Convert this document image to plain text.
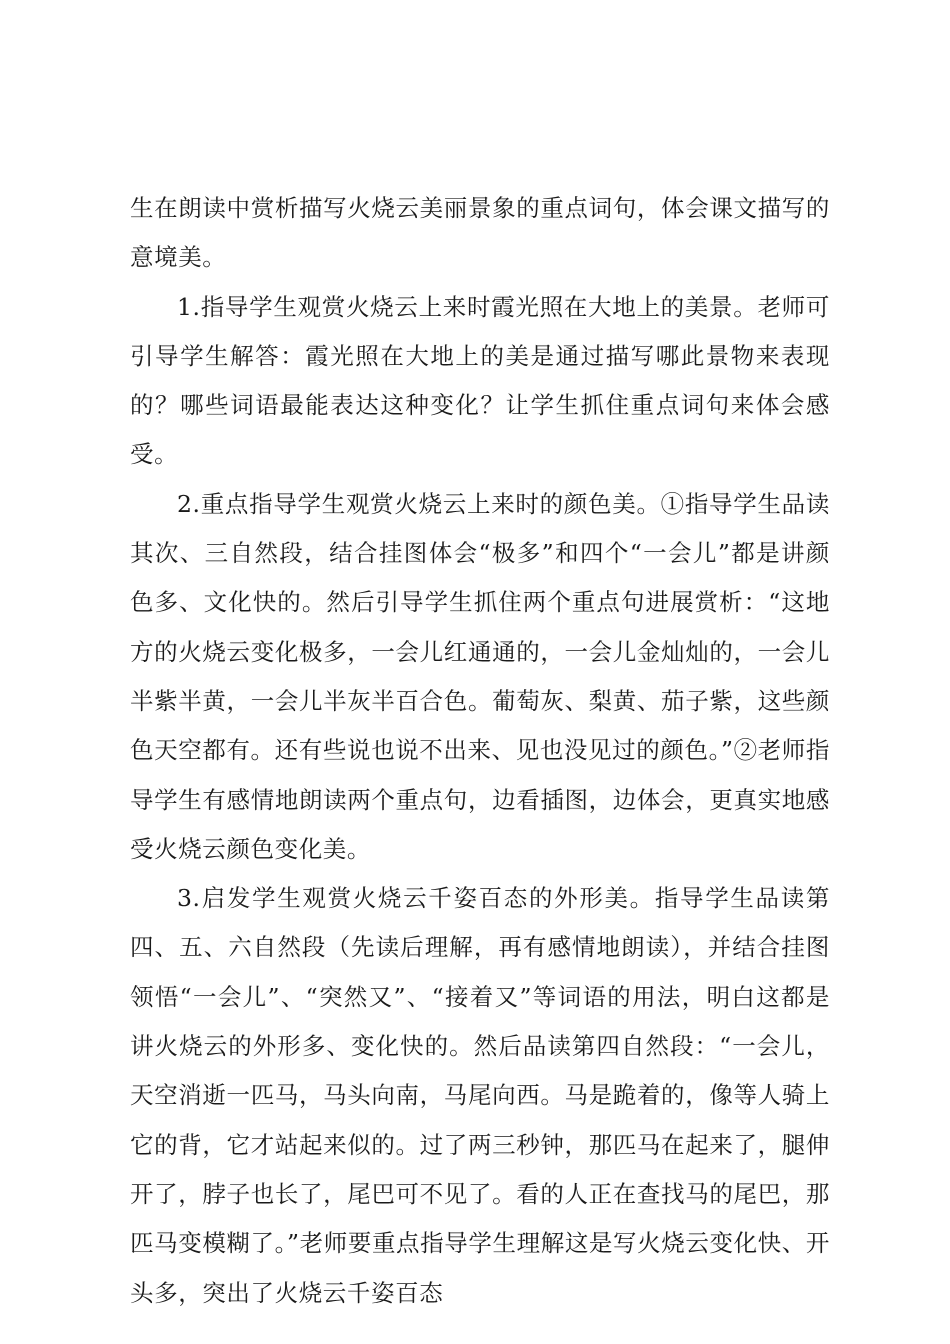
生在朗读中赏析描写火烧云美丽景象的重点词句，体会课文描写的意境美。

1.指导学生观赏火烧云上来时霞光照在大地上的美景。老师可引导学生解答：霞光照在大地上的美是通过描写哪此景物来表现的？哪些词语最能表达这种变化？让学生抓住重点词句来体会感受。

2.重点指导学生观赏火烧云上来时的颜色美。①指导学生品读其次、三自然段，结合挂图体会“极多”和四个“一会儿”都是讲颜色多、文化快的。然后引导学生抓住两个重点句进展赏析：“这地方的火烧云变化极多，一会儿红通通的，一会儿金灿灿的，一会儿半紫半黄，一会儿半灰半百合色。葡萄灰、梨黄、茄子紫，这些颜色天空都有。还有些说也说不出来、见也没见过的颜色。”②老师指导学生有感情地朗读两个重点句，边看插图，边体会，更真实地感受火烧云颜色变化美。

3.启发学生观赏火烧云千姿百态的外形美。指导学生品读第四、五、六自然段（先读后理解，再有感情地朗读），并结合挂图领悟“一会儿”、“突然又”、“接着又”等词语的用法，明白这都是讲火烧云的外形多、变化快的。然后品读第四自然段：“一会儿，天空消逝一匹马，马头向南，马尾向西。马是跪着的，像等人骑上它的背，它才站起来似的。过了两三秒钟，那匹马在起来了，腿伸开了，脖子也长了，尾巴可不见了。看的人正在查找马的尾巴，那匹马变模糊了。”老师要重点指导学生理解这是写火烧云变化快、开头多，突出了火烧云千姿百态
